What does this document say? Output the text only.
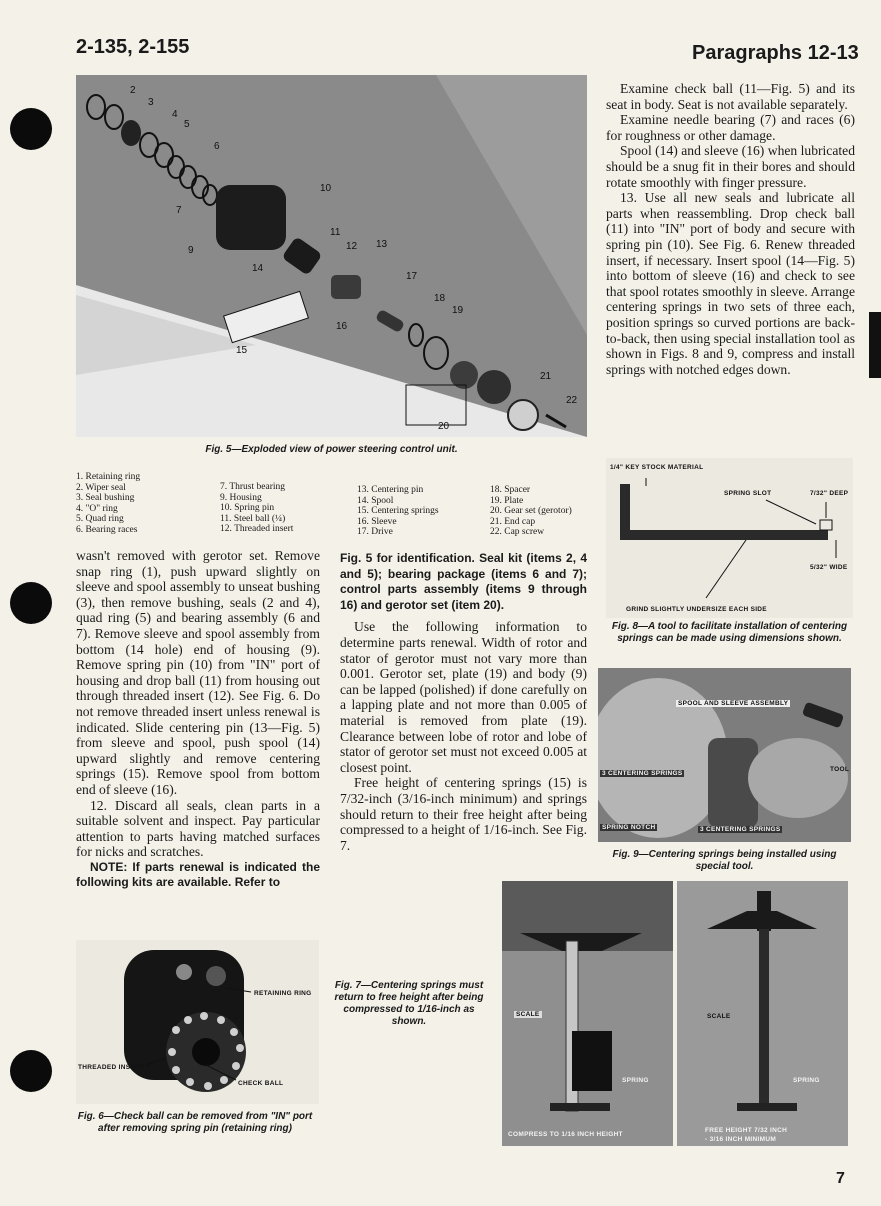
2-135, 2-155	Paragraphs 12-13
2
3
4
5
6
7
9
10
11
12 13
14
15
16
17
18
19
20
21
22
Fig. 5—Exploded view of power steering control unit.
1. Retaining ring
2. Wiper seal
3. Seal bushing
4. "O" ring
5. Quad ring
6. Bearing races
7. Thrust bearing
9. Housing
10. Spring pin
11. Steel ball (¼)
12. Threaded insert
13. Centering pin
14. Spool
15. Centering springs
16. Sleeve
17. Drive
18. Spacer
19. Plate
20. Gear set (gerotor)
21. End cap
22. Cap screw

Examine check ball (11—Fig. 5) and its seat in body. Seat is not available separately.

Examine needle bearing (7) and races (6) for roughness or other damage.

Spool (14) and sleeve (16) when lubricated should be a snug fit in their bores and should rotate smoothly with finger pressure.

13. Use all new seals and lubricate all parts when reassembling. Drop check ball (11) into "IN" port of body and secure with spring pin (10). See Fig. 6. Renew threaded insert, if necessary. Insert spool (14—Fig. 5) into bottom of sleeve (16) and check to see that spool rotates smoothly in sleeve. Arrange centering springs in two sets of three each, position springs so curved portions are back-to-back, then using special installation tool as shown in Figs. 8 and 9, compress and install springs with notched edges down.

wasn't removed with gerotor set. Remove snap ring (1), push upward slightly on sleeve and spool assembly to unseat bushing (3), then remove bushing, seals (2 and 4), quad ring (5) and bearing assembly (6 and 7). Remove sleeve and spool assembly from bottom (14 hole) end of housing (9). Remove spring pin (10) from "IN" port of housing and drop ball (11) from housing out through threaded insert (12). See Fig. 6. Do not remove threaded insert unless renewal is indicated. Slide centering pin (13—Fig. 5) from sleeve and spool, push spool (14) upward slightly and remove centering springs (15). Remove spool from bottom end of sleeve (16).

12. Discard all seals, clean parts in a suitable solvent and inspect. Pay particular attention to parts having matched surfaces for nicks and scratches.

NOTE: If parts renewal is indicated the following kits are available. Refer to

Fig. 5 for identification. Seal kit (items 2, 4 and 5); bearing package (items 6 and 7); control parts assembly (items 9 through 16) and gerotor set (item 20).

Use the following information to determine parts renewal. Width of rotor and stator of gerotor must not vary more than 0.001. Gerotor set, plate (19) and body (9) can be lapped (polished) if done carefully on a lapping plate and not more than 0.005 of material is removed from plate (19). Clearance between lobe of rotor and lobe of stator of gerotor set must not exceed 0.005 at closest point.

Free height of centering springs (15) is 7/32-inch (3/16-inch minimum) and springs should return to their free height after being compressed to a height of 1/16-inch. See Fig. 7.

1/4" KEY STOCK MATERIAL
SPRING SLOT	7/32" DEEP
5/32" WIDE
GRIND SLIGHTLY UNDERSIZE EACH SIDE
Fig. 8—A tool to facilitate installation of centering springs can be made using dimensions shown.
SPOOL AND SLEEVE ASSEMBLY
TOOL
3 CENTERING SPRINGS
SPRING NOTCH	3 CENTERING SPRINGS
Fig. 9—Centering springs being installed using special tool.
RETAINING RING
THREADED INSERT
CHECK BALL
Fig. 6—Check ball can be removed from "IN" port after removing spring pin (retaining ring)
Fig. 7—Centering springs must return to free height after being compressed to 1/16-inch as shown.
SCALE
SPRING
COMPRESS TO 1/16 INCH HEIGHT
SCALE
SPRING
FREE HEIGHT 7/32 INCH
- 3/16 INCH MINIMUM
7
